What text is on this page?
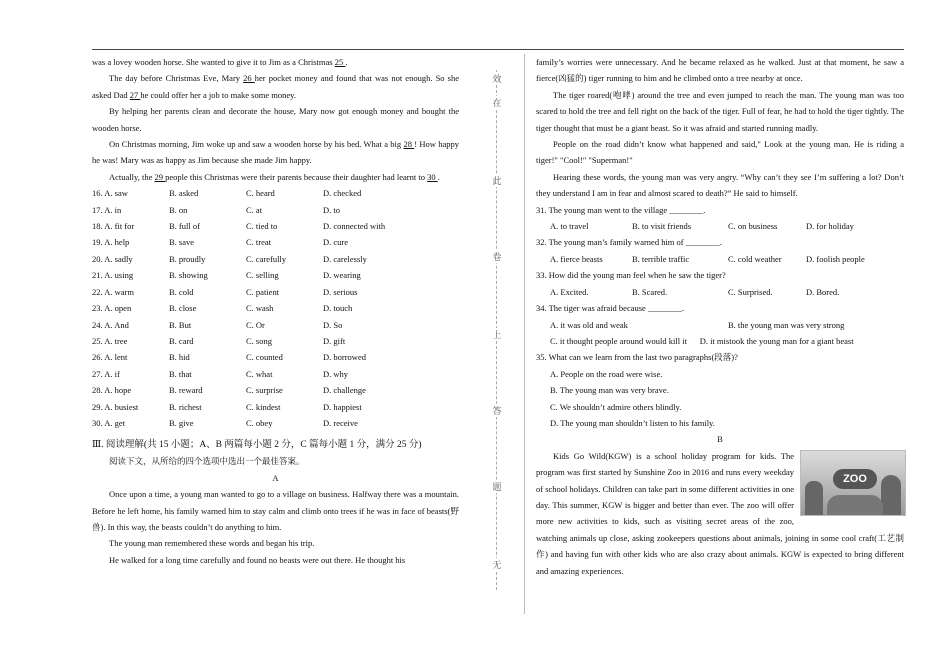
was a lovey wooden horse. She wanted to give it to Jim as a Christmas 25 .

The day before Christmas Eve, Mary 26 her pocket money and found that was not enough. So she asked Dad 27 he could offer her a job to make some money.

By helping her parents clean and decorate the house, Mary now got enough money and bought the wooden horse.

On Christmas morning, Jim woke up and saw a wooden horse by his bed. What a big 28 ! How happy he was! Mary was as happy as Jim because she made Jim happy.

Actually, the 29 people this Christmas were their parents because their daughter had learnt to 30 .

16. A. saw	B. asked	C. heard	D. checked
17. A. in	B. on	C. at	D. to
18. A. fit for	B. full of	C. tied to	D. connected with
19. A. help	B. save	C. treat	D. cure
20. A. sadly	B. proudly	C. carefully	D. carelessly
21. A. using	B. showing	C. selling	D. wearing
22. A. warm	B. cold	C. patient	D. serious
23. A. open	B. close	C. wash	D. touch
24. A. And	B. But	C. Or	D. So
25. A. tree	B. card	C. song	D. gift
26. A. lent	B. hid	C. counted	D. borrowed
27. A. if	B. that	C. what	D. why
28. A. hope	B. reward	C. surprise	D. challenge
29. A. busiest	B. richest	C. kindest	D. happiest
30. A. get	B. give	C. obey	D. receive

Ⅲ. 阅读理解(共 15 小题；A、B 两篇每小题 2 分，C 篇每小题 1 分，满分 25 分)

阅读下文，从所给的四个选项中选出一个最佳答案。

A

Once upon a time, a young man wanted to go to a village on business. Halfway there was a mountain. Before he left home, his family warned him to stay calm and climb onto trees if he was in face of beasts(野兽). In this way, the beasts couldn’t do anything to him.

The young man remembered these words and began his trip.

He walked for a long time carefully and found no beasts were out there. He thought his

效
在
此
卷
上
答
题
无

family’s worries were unnecessary. And he became relaxed as he walked. Just at that moment, he saw a fierce(凶猛的) tiger running to him and he climbed onto a tree nearby at once.

The tiger roared(咆哮) around the tree and even jumped to reach the man. The young man was too scared to hold the tree and fell right on the back of the tiger. Full of fear, he had to hold the tiger tightly. The tiger thought that must be a giant beast. So it was afraid and started running madly.

People on the road didn’t know what happened and said," Look at the young man. He is riding a tiger!" "Cool!" "Superman!"

Hearing these words, the young man was very angry. “Why can’t they see I’m suffering a lot? Don’t they understand I am in fear and almost scared to death?” He said to himself.

31. The young man went to the village ________.

A. to travel	B. to visit friends	C. on business	D. for holiday

32. The young man’s family warned him of ________.

A. fierce beasts	B. terrible traffic	C. cold weather	D. foolish people

33. How did the young man feel when he saw the tiger?

A. Excited.	B. Scared.	C. Surprised.	D. Bored.

34. The tiger was afraid because ________.

A. it was old and weak	B. the young man was very strong

C. it thought people around would kill it D. it mistook the young man for a giant beast

35. What can we learn from the last two paragraphs(段落)?

A. People on the road were wise.

B. The young man was very brave.

C. We shouldn’t admire others blindly.

D. The young man shouldn’t listen to his family.

B

ZOO

Kids Go Wild(KGW) is a school holiday program for kids. The program was first started by Sunshine Zoo in 2016 and runs every weekday of school holidays. Children can take part in some different activities in one day. This summer, KGW is bigger and better than ever. The zoo will offer more new activities to kids, such as visiting secret areas of the zoo, watching animals up close, asking zookeepers questions about animals, joining in some cool craft(工艺制作) and having fun with other kids who are also crazy about animals. KGW is expected to bring different and amazing experiences.
